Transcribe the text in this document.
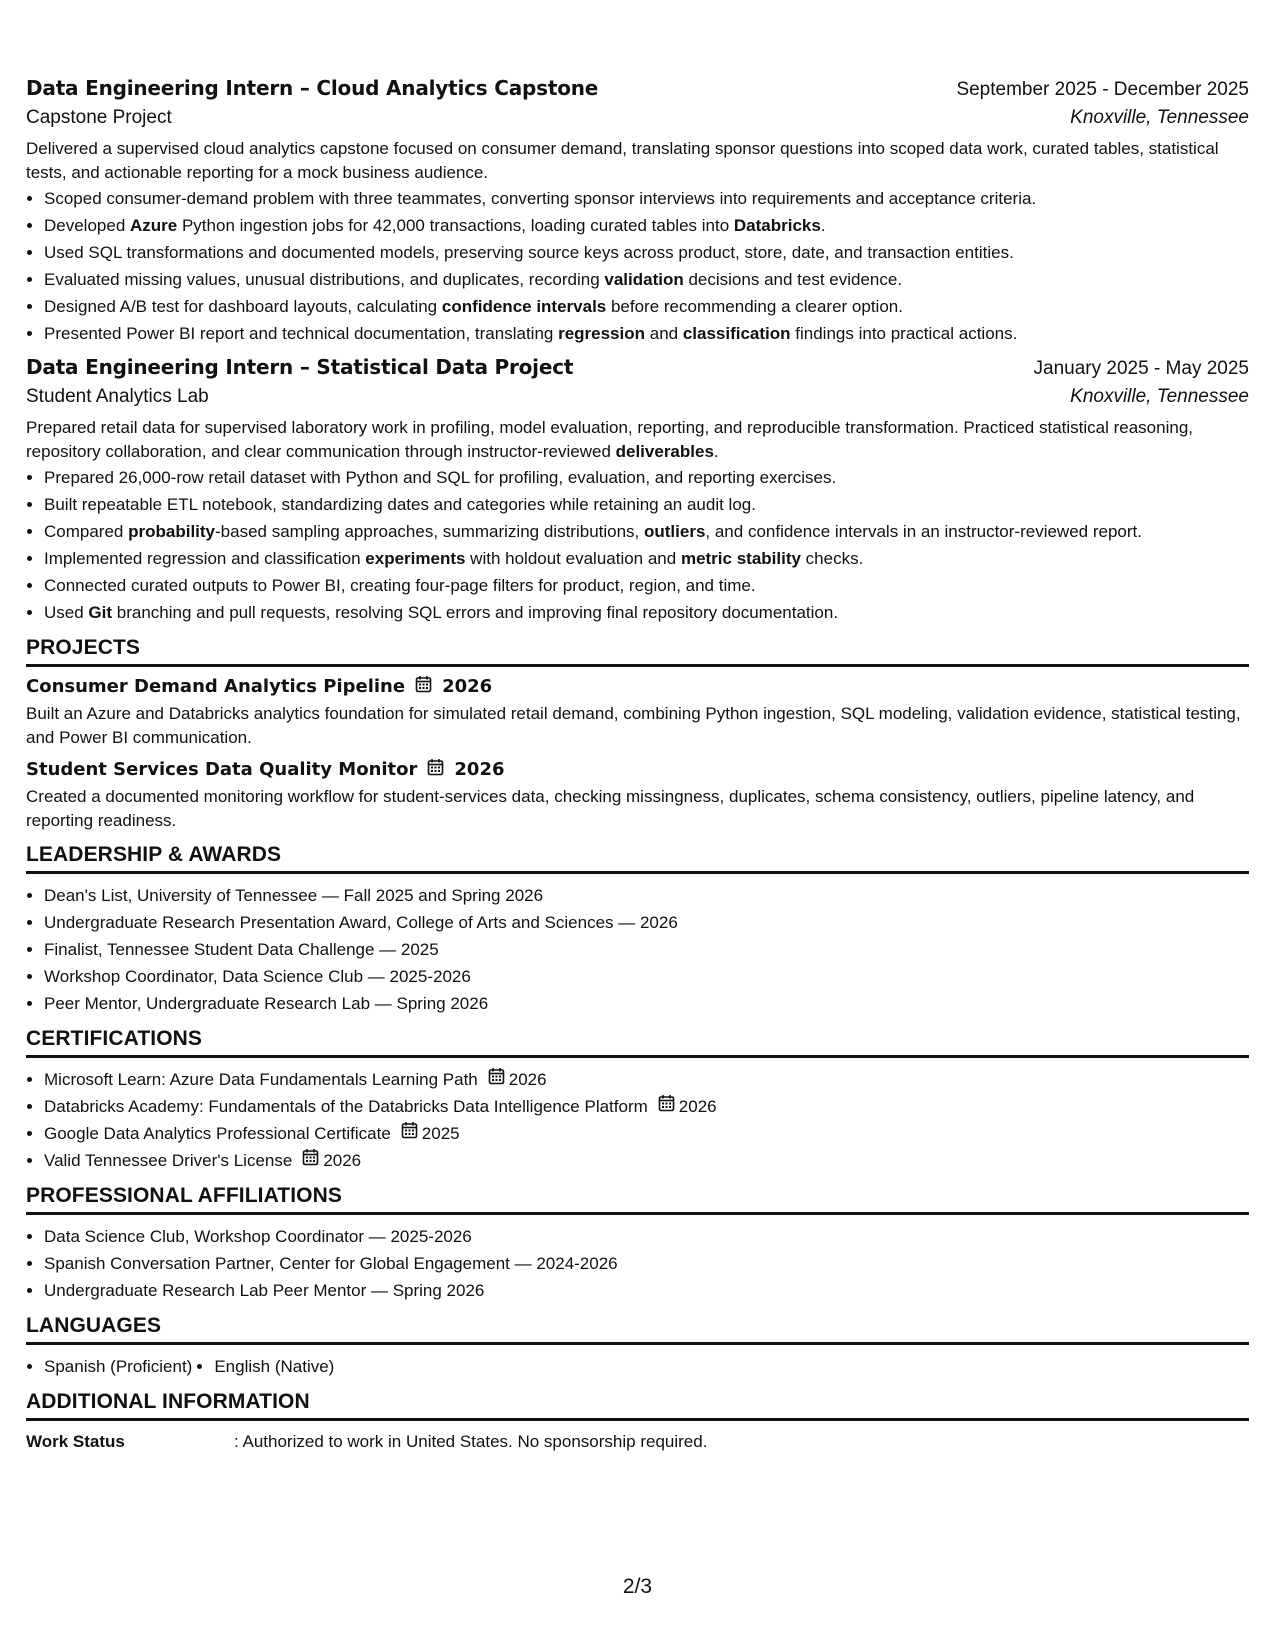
Data Engineering Intern – Cloud Analytics Capstone	September 2025 - December 2025
Capstone Project	Knoxville, Tennessee
Delivered a supervised cloud analytics capstone focused on consumer demand, translating sponsor questions into scoped data work, curated tables, statistical tests, and actionable reporting for a mock business audience.
• Scoped consumer-demand problem with three teammates, converting sponsor interviews into requirements and acceptance criteria.
• Developed Azure Python ingestion jobs for 42,000 transactions, loading curated tables into Databricks.
• Used SQL transformations and documented models, preserving source keys across product, store, date, and transaction entities.
• Evaluated missing values, unusual distributions, and duplicates, recording validation decisions and test evidence.
• Designed A/B test for dashboard layouts, calculating confidence intervals before recommending a clearer option.
• Presented Power BI report and technical documentation, translating regression and classification findings into practical actions.
Data Engineering Intern – Statistical Data Project	January 2025 - May 2025
Student Analytics Lab	Knoxville, Tennessee
Prepared retail data for supervised laboratory work in profiling, model evaluation, reporting, and reproducible transformation. Practiced statistical reasoning, repository collaboration, and clear communication through instructor-reviewed deliverables.
• Prepared 26,000-row retail dataset with Python and SQL for profiling, evaluation, and reporting exercises.
• Built repeatable ETL notebook, standardizing dates and categories while retaining an audit log.
• Compared probability-based sampling approaches, summarizing distributions, outliers, and confidence intervals in an instructor-reviewed report.
• Implemented regression and classification experiments with holdout evaluation and metric stability checks.
• Connected curated outputs to Power BI, creating four-page filters for product, region, and time.
• Used Git branching and pull requests, resolving SQL errors and improving final repository documentation.
PROJECTS
Consumer Demand Analytics Pipeline 2026
Built an Azure and Databricks analytics foundation for simulated retail demand, combining Python ingestion, SQL modeling, validation evidence, statistical testing, and Power BI communication.
Student Services Data Quality Monitor 2026
Created a documented monitoring workflow for student-services data, checking missingness, duplicates, schema consistency, outliers, pipeline latency, and reporting readiness.
LEADERSHIP & AWARDS
• Dean's List, University of Tennessee — Fall 2025 and Spring 2026
• Undergraduate Research Presentation Award, College of Arts and Sciences — 2026
• Finalist, Tennessee Student Data Challenge — 2025
• Workshop Coordinator, Data Science Club — 2025-2026
• Peer Mentor, Undergraduate Research Lab — Spring 2026
CERTIFICATIONS
• Microsoft Learn: Azure Data Fundamentals Learning Path 2026
• Databricks Academy: Fundamentals of the Databricks Data Intelligence Platform 2026
• Google Data Analytics Professional Certificate 2025
• Valid Tennessee Driver's License 2026
PROFESSIONAL AFFILIATIONS
• Data Science Club, Workshop Coordinator — 2025-2026
• Spanish Conversation Partner, Center for Global Engagement — 2024-2026
• Undergraduate Research Lab Peer Mentor — Spring 2026
LANGUAGES
• Spanish (Proficient)
• English (Native)
ADDITIONAL INFORMATION
Work Status	: Authorized to work in United States. No sponsorship required.
2/3
